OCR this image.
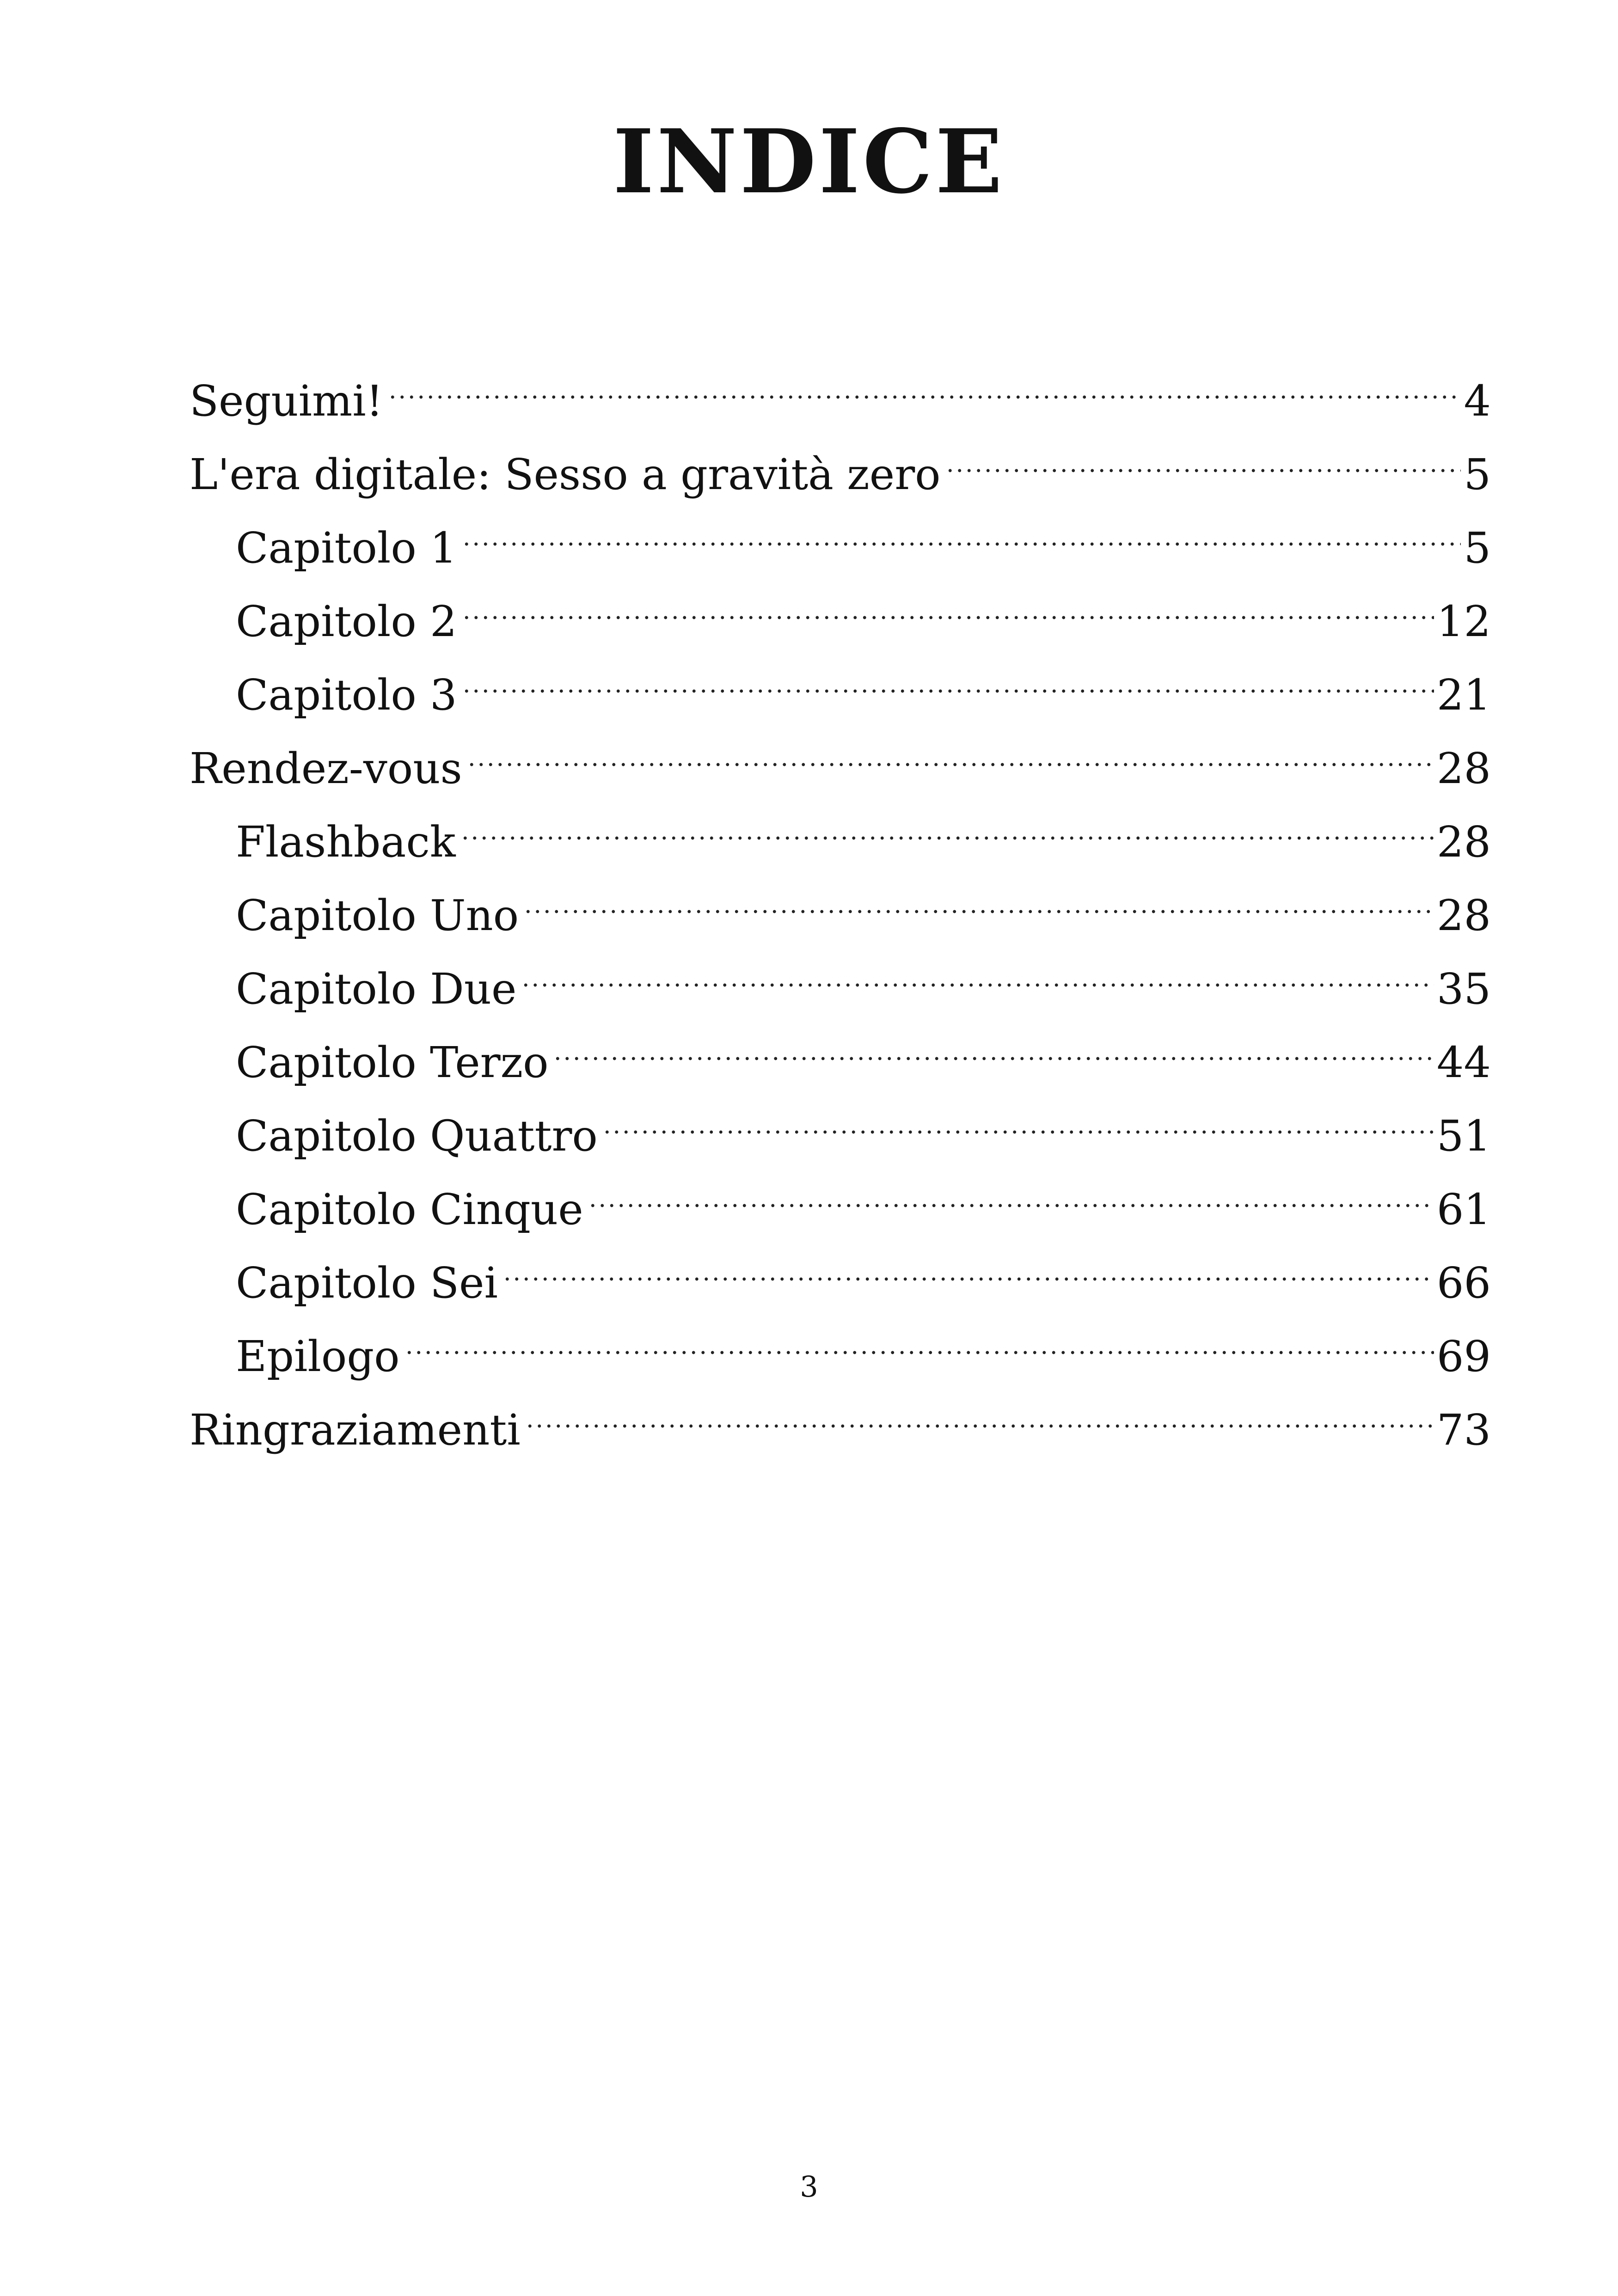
INDICE
Seguimi!	4
L'era digitale: Sesso a gravità zero	5
Capitolo 1	5
Capitolo 2	12
Capitolo 3	21
Rendez-vous	28
Flashback	28
Capitolo Uno	28
Capitolo Due	35
Capitolo Terzo	44
Capitolo Quattro	51
Capitolo Cinque	61
Capitolo Sei	66
Epilogo	69
Ringraziamenti	73
3
